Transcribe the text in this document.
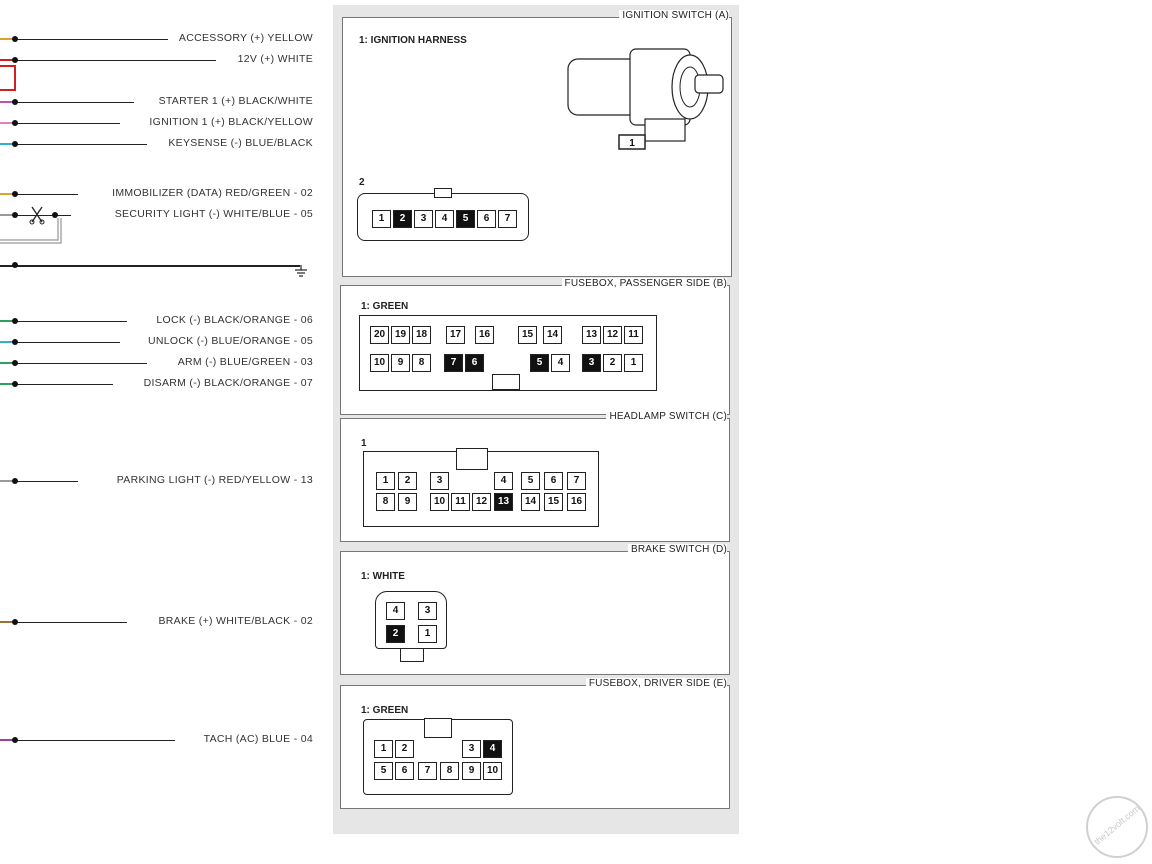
ACCESSORY (+) YELLOW
12V (+) WHITE
STARTER 1 (+) BLACK/WHITE
IGNITION 1 (+) BLACK/YELLOW
KEYSENSE (-) BLUE/BLACK
IMMOBILIZER (DATA) RED/GREEN - 02
SECURITY LIGHT (-) WHITE/BLUE - 05
LOCK (-) BLACK/ORANGE - 06
UNLOCK (-) BLUE/ORANGE - 05
ARM (-) BLUE/GREEN - 03
DISARM (-) BLACK/ORANGE - 07
PARKING LIGHT (-) RED/YELLOW - 13
BRAKE (+) WHITE/BLACK - 02
TACH (AC) BLUE - 04
IGNITION SWITCH (A)
1: IGNITION HARNESS
1
2
1	2	3	4	5	6	7
FUSEBOX, PASSENGER SIDE (B)
1: GREEN
20 19 18	17	16	15	14	13 12	11
10	9	8	7	6	5	4	3	2	1
HEADLAMP SWITCH (C)
1
1	2	3	4	5	6	7
8	9	10	11	12	13	14	15	16
BRAKE SWITCH (D)
1: WHITE
4	3
2	1
FUSEBOX, DRIVER SIDE (E)
1: GREEN
1	2	3	4
5	6	7	8	9	10
the12volt.com
